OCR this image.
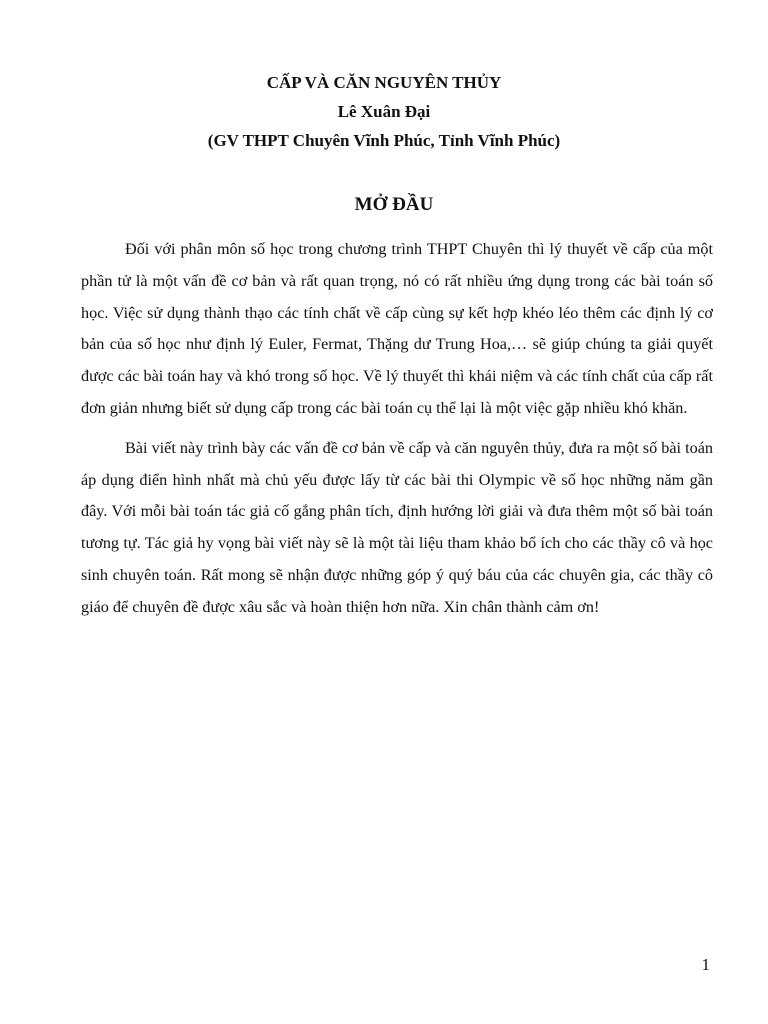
CẤP VÀ CĂN NGUYÊN THỦY

Lê Xuân Đại

(GV THPT Chuyên Vĩnh Phúc, Tỉnh Vĩnh Phúc)

MỞ ĐẦU

Đối với phân môn số học trong chương trình THPT Chuyên thì lý thuyết về cấp của một phần tử là một vấn đề cơ bản và rất quan trọng, nó có rất nhiều ứng dụng trong các bài toán số học. Việc sử dụng thành thạo các tính chất về cấp cùng sự kết hợp khéo léo thêm các định lý cơ bản của số học như định lý Euler, Fermat, Thặng dư Trung Hoa,… sẽ giúp chúng ta giải quyết được các bài toán hay và khó trong số học. Về lý thuyết thì khái niệm và các tính chất của cấp rất đơn giản nhưng biết sử dụng cấp trong các bài toán cụ thể lại là một việc gặp nhiều khó khăn.

Bài viết này trình bày các vấn đề cơ bản về cấp và căn nguyên thủy, đưa ra một số bài toán áp dụng điển hình nhất mà chủ yếu được lấy từ các bài thi Olympic về số học những năm gần đây. Với mỗi bài toán tác giả cố gắng phân tích, định hướng lời giải và đưa thêm một số bài toán tương tự. Tác giả hy vọng bài viết này sẽ là một tài liệu tham khảo bổ ích cho các thầy cô và học sinh chuyên toán. Rất mong sẽ nhận được những góp ý quý báu của các chuyên gia, các thầy cô giáo để chuyên đề được xâu sắc và hoàn thiện hơn nữa. Xin chân thành cảm ơn!

1
